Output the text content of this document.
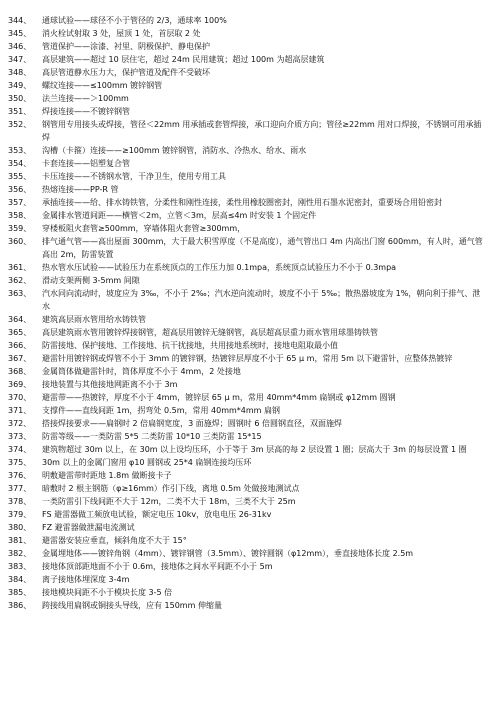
344、	通球试验——球径不小于管径的 2/3，通球率 100%
345、	消火栓试射取 3 处，屋顶 1 处，首层取 2 处
346、	管道保护——涂漆、衬里、阴极保护、静电保护
347、	高层建筑——超过 10 层住宅，超过 24m 民用建筑；超过 100m 为超高层建筑
348、	高层管道静水压力大，保护管道及配件不受破坏
349、	螺纹连接——≤100mm 镀锌钢管
350、	法兰连接——＞100mm
351、	焊接连接——不镀锌钢管
352、	钢管用专用接头或焊接，管径＜22mm 用承插或套管焊接，承口迎向介质方向；管径≥22mm 用对口焊接，不锈钢可用承插焊
353、	沟槽（卡箍）连接——≥100mm 镀锌钢管，消防水、冷热水、给水、雨水
354、	卡套连接——铝塑复合管
355、	卡压连接——不锈钢水管，干净卫生，使用专用工具
356、	热熔连接——PP-R 管
357、	承插连接——给、排水铸铁管，分柔性和刚性连接，柔性用橡胶圈密封，刚性用石墨水泥密封，重要场合用铅密封
358、	金属排水管道间距——横管＜2m，立管＜3m，层高≤4m 时安装 1 个固定件
359、	穿楼板阻火套管≥500mm，穿墙体阻火套管≥300mm，
360、	排气通气管——高出屋面 300mm，大于最大积雪厚度（不是高度），通气管出口 4m 内高出门窗 600mm，有人时，通气管高出 2m，防雷装置
361、	热水管水压试验——试验压力在系统顶点的工作压力加 0.1mpa，系统顶点试验压力不小于 0.3mpa
362、	滑动支架两侧 3-5mm 间隙
363、	汽水同向流动时，坡度应为 3‰，不小于 2‰；汽水逆向流动时，坡度不小于 5‰；散热器坡度为 1%，朝向利于排气、泄水
364、	建筑高层雨水管用给水铸铁管
365、	高层建筑雨水管用镀锌焊接钢管，超高层用镀锌无缝钢管，高层超高层重力雨水管用球墨铸铁管
366、	防雷接地、保护接地、工作接地、抗干扰接地，共用接地系统时，接地电阻取最小值
367、	避雷针用镀锌钢或焊管不小于 3mm 的镀锌钢，热镀锌层厚度不小于 65 μ m，常用 5m 以下避雷针，应整体热镀锌
368、	金属筒体做避雷针时，筒体厚度不小于 4mm，2 处接地
369、	接地装置与其他接地网距离不小于 3m
370、	避雷带——热镀锌，厚度不小于 4mm，镀锌层 65 μ m，常用 40mm*4mm 扁钢或 φ12mm 圆钢
371、	支撑件——直线间距 1m，拐弯处 0.5m，常用 40mm*4mm 扁钢
372、	搭接焊接要求——扁钢时 2 倍扁钢宽度，3 面施焊；圆钢时 6 倍圆钢直径，双面施焊
373、	防雷等级——一类防雷 5*5 二类防雷 10*10 三类防雷 15*15
374、	建筑物超过 30m 以上，在 30m 以上设均压环，小于等于 3m 层高的每 2 层设置 1 圈；层高大于 3m 的每层设置 1 圈
375、	30m 以上的金属门窗用 φ10 圆钢或 25*4 扁钢连接均压环
376、	明敷避雷带时距地 1.8m 做断接卡子
377、	暗敷时 2 根主钢筋（φ≥16mm）作引下线，离地 0.5m 处做接地测试点
378、	一类防雷引下线间距不大于 12m，二类不大于 18m，三类不大于 25m
379、	FS 避雷器做工频放电试验，额定电压 10kv，放电电压 26-31kv
380、	FZ 避雷器做泄漏电流测试
381、	避雷器安装应垂直，倾斜角度不大于 15°
382、	金属埋地体——镀锌角钢（4mm）、镀锌钢管（3.5mm）、镀锌圆钢（φ12mm），垂直接地体长度 2.5m
383、	接地体顶部距地面不小于 0.6m，接地体之间水平间距不小于 5m
384、	离子接地体埋深度 3-4m
385、	接地模块间距不小于模块长度 3-5 倍
386、	跨接线用扁钢或铜接头导线，应有 150mm 伸缩量
